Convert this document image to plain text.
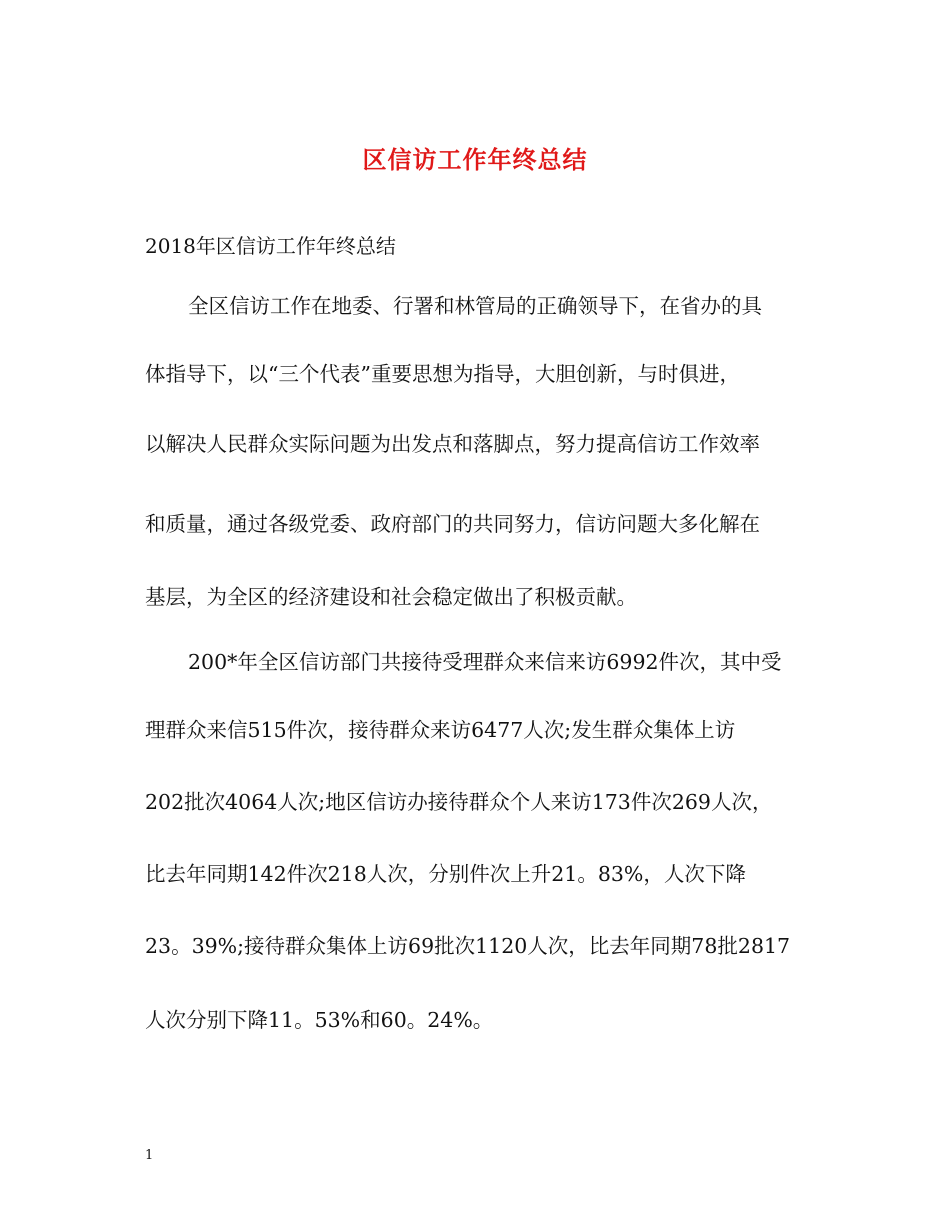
区信访工作年终总结

2018年区信访工作年终总结

全区信访工作在地委、行署和林管局的正确领导下，在省办的具

体指导下，以“三个代表”重要思想为指导，大胆创新，与时俱进，

以解决人民群众实际问题为出发点和落脚点，努力提高信访工作效率

和质量，通过各级党委、政府部门的共同努力，信访问题大多化解在

基层，为全区的经济建设和社会稳定做出了积极贡献。

200*年全区信访部门共接待受理群众来信来访6992件次，其中受

理群众来信515件次，接待群众来访6477人次;发生群众集体上访

202批次4064人次;地区信访办接待群众个人来访173件次269人次，

比去年同期142件次218人次，分别件次上升21。83%，人次下降

23。39%;接待群众集体上访69批次1120人次，比去年同期78批2817

人次分别下降11。53%和60。24%。

1
